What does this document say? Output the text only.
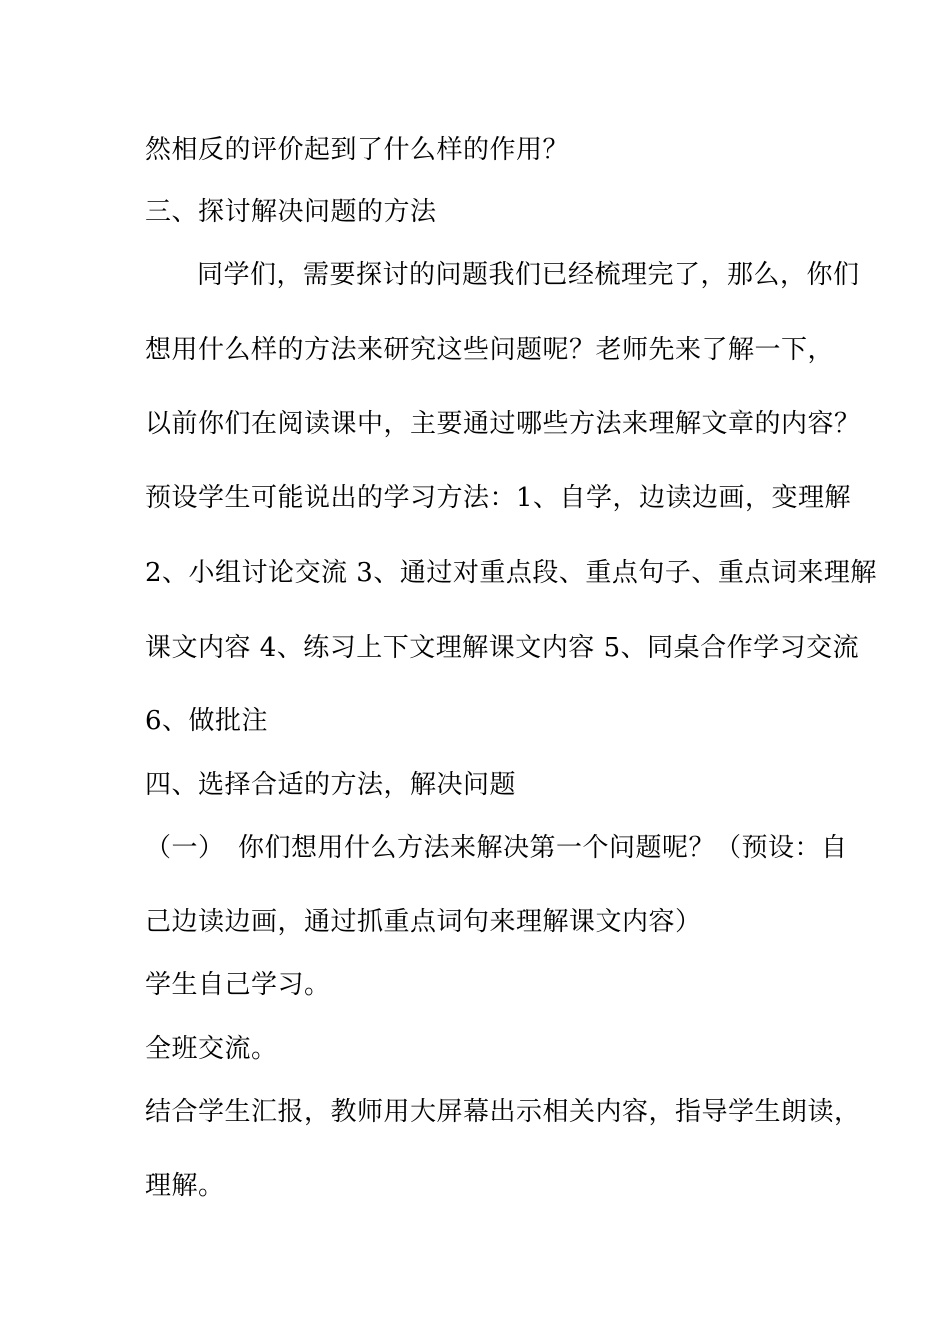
然相反的评价起到了什么样的作用？
三、探讨解决问题的方法
同学们，需要探讨的问题我们已经梳理完了，那么，你们
想用什么样的方法来研究这些问题呢？老师先来了解一下，
以前你们在阅读课中，主要通过哪些方法来理解文章的内容？
预设学生可能说出的学习方法：1、自学，边读边画，变理解
2、小组讨论交流 3、通过对重点段、重点句子、重点词来理解
课文内容 4、练习上下文理解课文内容 5、同桌合作学习交流
6、做批注
四、选择合适的方法，解决问题
（一）　你们想用什么方法来解决第一个问题呢？（预设：自
己边读边画，通过抓重点词句来理解课文内容）
学生自己学习。
全班交流。
结合学生汇报，教师用大屏幕出示相关内容，指导学生朗读，
理解。
